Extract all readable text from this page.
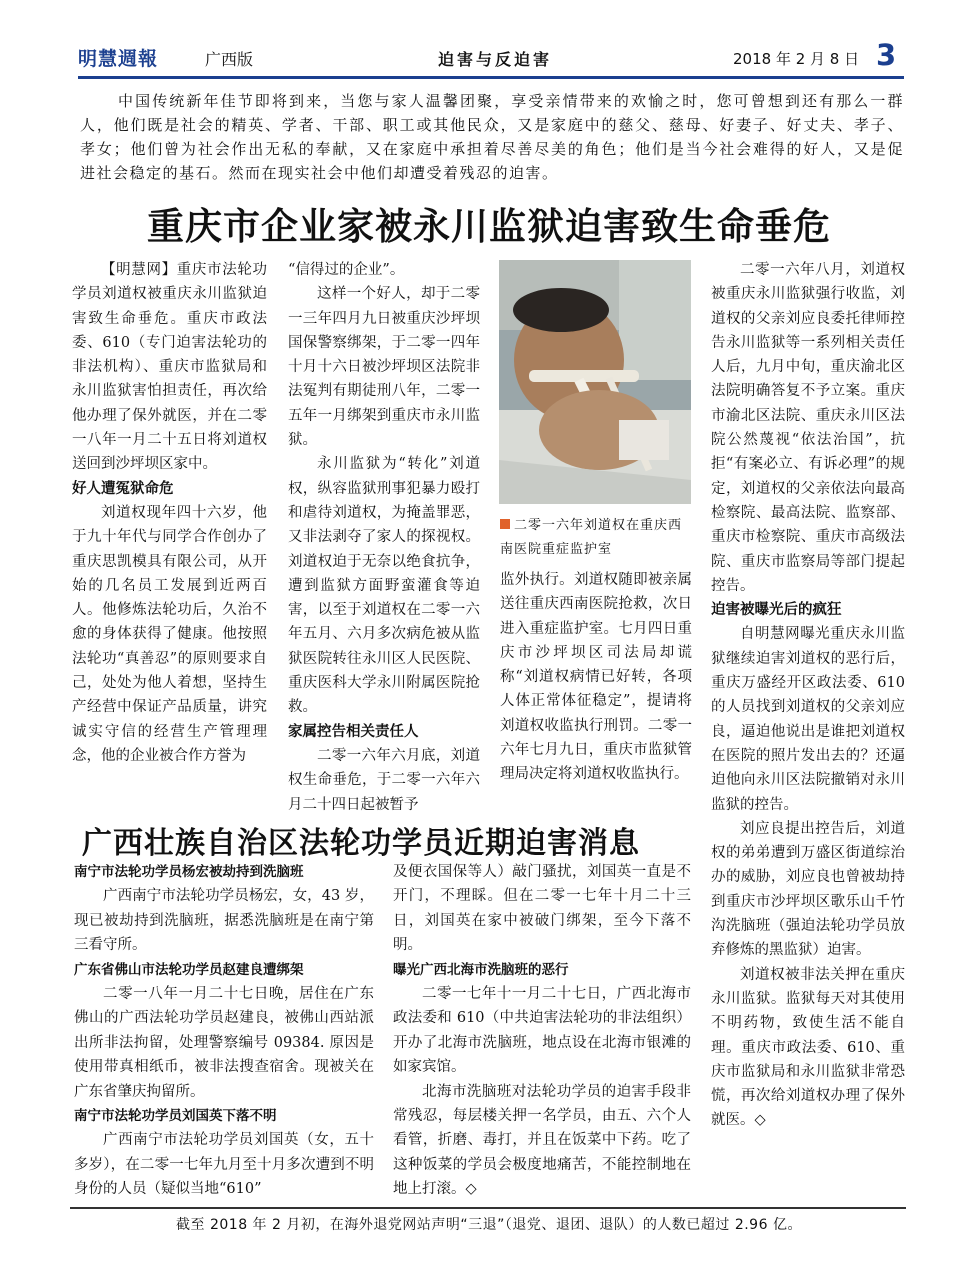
明慧週報	广西版	迫害与反迫害	2018 年 2 月 8 日 3
中国传统新年佳节即将到来，当您与家人温馨团聚，享受亲情带来的欢愉之时，您可曾想到还有那么一群人，他们既是社会的精英、学者、干部、职工或其他民众，又是家庭中的慈父、慈母、好妻子、好丈夫、孝子、孝女；他们曾为社会作出无私的奉献，又在家庭中承担着尽善尽美的角色；他们是当今社会难得的好人，又是促进社会稳定的基石。然而在现实社会中他们却遭受着残忍的迫害。
重庆市企业家被永川监狱迫害致生命垂危

【明慧网】重庆市法轮功学员刘道权被重庆永川监狱迫害致生命垂危。重庆市政法委、610（专门迫害法轮功的非法机构）、重庆市监狱局和永川监狱害怕担责任，再次给他办理了保外就医，并在二零一八年一月二十五日将刘道权送回到沙坪坝区家中。

好人遭冤狱命危

刘道权现年四十六岁，他于九十年代与同学合作创办了重庆思凯模具有限公司，从开始的几名员工发展到近两百人。他修炼法轮功后，久治不愈的身体获得了健康。他按照法轮功“真善忍”的原则要求自己，处处为他人着想，坚持生产经营中保证产品质量，讲究诚实守信的经营生产管理理念，他的企业被合作方誉为

“信得过的企业”。

这样一个好人，却于二零一三年四月九日被重庆沙坪坝国保警察绑架，于二零一四年十月十六日被沙坪坝区法院非法冤判有期徒刑八年，二零一五年一月绑架到重庆市永川监狱。

永川监狱为“转化”刘道权，纵容监狱刑事犯暴力殴打和虐待刘道权，为掩盖罪恶，又非法剥夺了家人的探视权。刘道权迫于无奈以绝食抗争，遭到监狱方面野蛮灌食等迫害，以至于刘道权在二零一六年五月、六月多次病危被从监狱医院转往永川区人民医院、重庆医科大学永川附属医院抢救。

家属控告相关责任人

二零一六年六月底，刘道权生命垂危，于二零一六年六月二十四日起被暂予

二零一六年刘道权在重庆西南医院重症监护室

监外执行。刘道权随即被亲属送往重庆西南医院抢救，次日进入重症监护室。七月四日重庆市沙坪坝区司法局却谎称“刘道权病情已好转，各项人体正常体征稳定”，提请将刘道权收监执行刑罚。二零一六年七月九日，重庆市监狱管理局决定将刘道权收监执行。

二零一六年八月，刘道权被重庆永川监狱强行收监，刘道权的父亲刘应良委托律师控告永川监狱等一系列相关责任人后，九月中旬，重庆渝北区法院明确答复不予立案。重庆市渝北区法院、重庆永川区法院公然蔑视“依法治国”，抗拒“有案必立、有诉必理”的规定，刘道权的父亲依法向最高检察院、最高法院、监察部、重庆市检察院、重庆市高级法院、重庆市监察局等部门提起控告。

迫害被曝光后的疯狂

自明慧网曝光重庆永川监狱继续迫害刘道权的恶行后，重庆万盛经开区政法委、610 的人员找到刘道权的父亲刘应良，逼迫他说出是谁把刘道权在医院的照片发出去的？还逼迫他向永川区法院撤销对永川监狱的控告。

刘应良提出控告后，刘道权的弟弟遭到万盛区街道综治办的威胁，刘应良也曾被劫持到重庆市沙坪坝区歌乐山千竹沟洗脑班（强迫法轮功学员放弃修炼的黑监狱）迫害。

刘道权被非法关押在重庆永川监狱。监狱每天对其使用不明药物，致使生活不能自理。重庆市政法委、610、重庆市监狱局和永川监狱非常恐慌，再次给刘道权办理了保外就医。◇

广西壮族自治区法轮功学员近期迫害消息

南宁市法轮功学员杨宏被劫持到洗脑班

广西南宁市法轮功学员杨宏，女，43 岁，现已被劫持到洗脑班，据悉洗脑班是在南宁第三看守所。

广东省佛山市法轮功学员赵建良遭绑架

二零一八年一月二十七日晚，居住在广东佛山的广西法轮功学员赵建良，被佛山西站派出所非法拘留，处理警察编号 09384. 原因是使用带真相纸币，被非法搜查宿舍。现被关在广东省肇庆拘留所。

南宁市法轮功学员刘国英下落不明

广西南宁市法轮功学员刘国英（女，五十多岁），在二零一七年九月至十月多次遭到不明身份的人员（疑似当地“610”

及便衣国保等人）敲门骚扰，刘国英一直是不开门，不理睬。但在二零一七年十月二十三日，刘国英在家中被破门绑架，至今下落不明。

曝光广西北海市洗脑班的恶行

二零一七年十一月二十七日，广西北海市政法委和 610（中共迫害法轮功的非法组织）开办了北海市洗脑班，地点设在北海市银滩的如家宾馆。

北海市洗脑班对法轮功学员的迫害手段非常残忍，每层楼关押一名学员，由五、六个人看管，折磨、毒打，并且在饭菜中下药。吃了这种饭菜的学员会极度地痛苦，不能控制地在地上打滚。◇

截至 2018 年 2 月初，在海外退党网站声明“三退”（退党、退团、退队）的人数已超过 2.96 亿。
